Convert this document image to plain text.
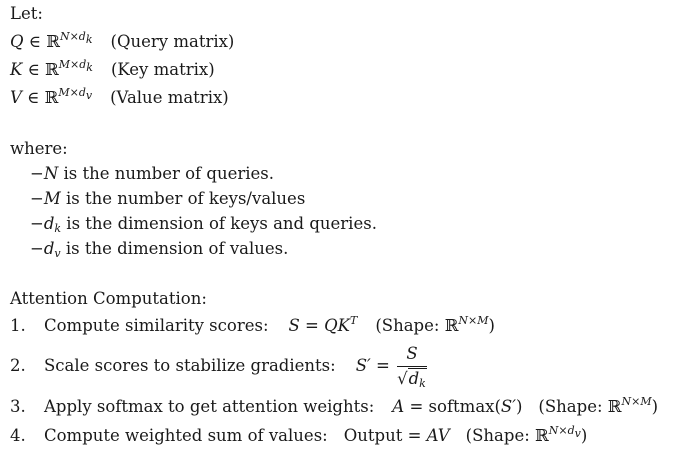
Let:
Q ∈ ℝ$^{N\times d_k}$ (Query matrix)
K ∈ ℝ$^{M\times d_k}$ (Key matrix)
V ∈ ℝ$^{M\times d_v}$ (Value matrix)
where:
−N is the number of queries.
−M is the number of keys/values
$-d_k$ is the dimension of keys and queries.
$-d_v$ is the dimension of values.
Attention Computation:
1. Compute similarity scores: $S = QK^T$ (Shape: ℝ$^{N\times M}$)
2. Scale scores to stabilize gradients: $S' = \frac{S}{√d_k}$
3. Apply softmax to get attention weights: A = softmax(S′) (Shape: ℝ$^{N\times M}$)
4. Compute weighted sum of values: Output = AV (Shape: ℝ$^{N\times d_v}$)
